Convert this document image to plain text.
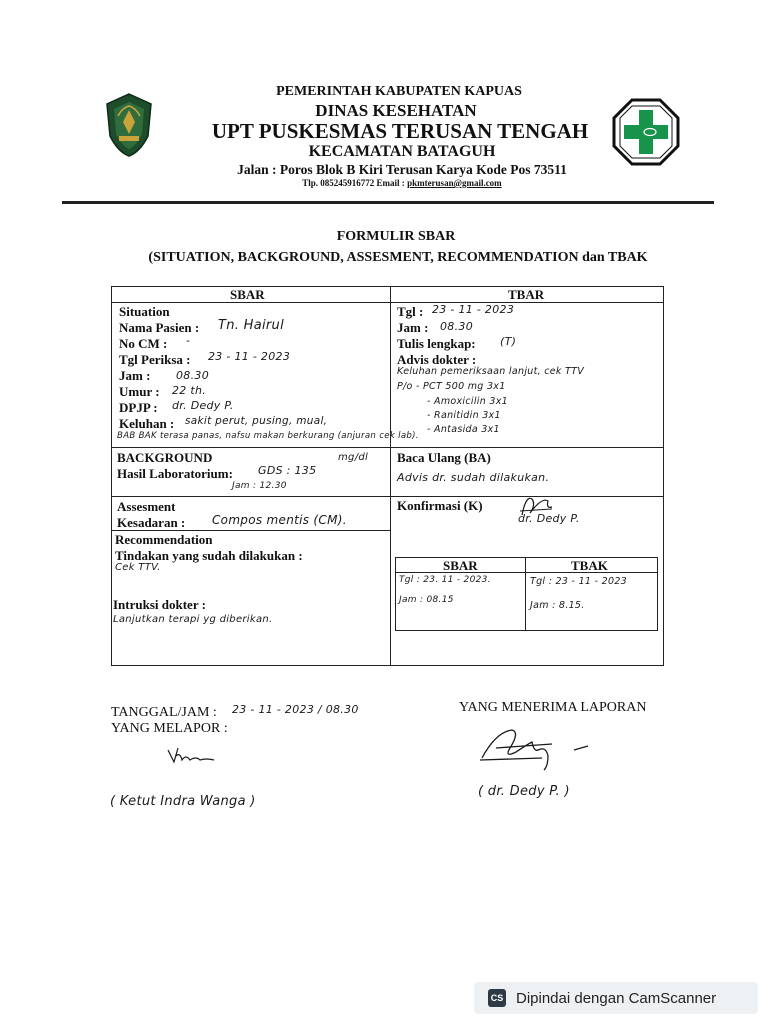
PEMERINTAH KABUPATEN KAPUAS
DINAS KESEHATAN
UPT PUSKESMAS TERUSAN TENGAH
KECAMATAN BATAGUH
Jalan : Poros Blok B Kiri Terusan Karya Kode Pos 73511
Tlp. 085245916772 Email : pkmterusan@gmail.com
FORMULIR SBAR
(SITUATION, BACKGROUND, ASSESMENT, RECOMMENDATION dan TBAK
SBAR	TBAR
Situation
Nama Pasien : Tn. Hairul
No CM : -
Tgl Periksa : 23 - 11 - 2023
Jam : 08.30
Umur : 22 th.
DPJP : dr. Dedy P.
Keluhan : sakit perut, pusing, mual,
BAB BAK terasa panas, nafsu makan berkurang (anjuran cek lab).
Tgl : 23 - 11 - 2023
Jam : 08.30
Tulis lengkap: (T)
Advis dokter :
Keluhan pemeriksaan lanjut, cek TTV
P/o - PCT 500 mg 3x1
- Amoxicilin 3x1
- Ranitidin 3x1
- Antasida 3x1
BACKGROUND
Hasil Laboratorium: GDS : 135
mg/dl
Jam : 12.30
Baca Ulang (BA)
Advis dr. sudah dilakukan.
Assesment
Kesadaran : Compos mentis (CM).
Konfirmasi (K)
dr. Dedy P.
Recommendation
Tindakan yang sudah dilakukan :
Cek TTV.
Intruksi dokter :
Lanjutkan terapi yg diberikan.
SBAR	TBAK
Tgl : 23. 11 - 2023.
Jam : 08.15
Tgl : 23 - 11 - 2023
Jam : 8.15.
TANGGAL/JAM : 23 - 11 - 2023 / 08.30
YANG MELAPOR :
( Ketut Indra Wanga )
YANG MENERIMA LAPORAN
( dr. Dedy P. )
CS Dipindai dengan CamScanner
